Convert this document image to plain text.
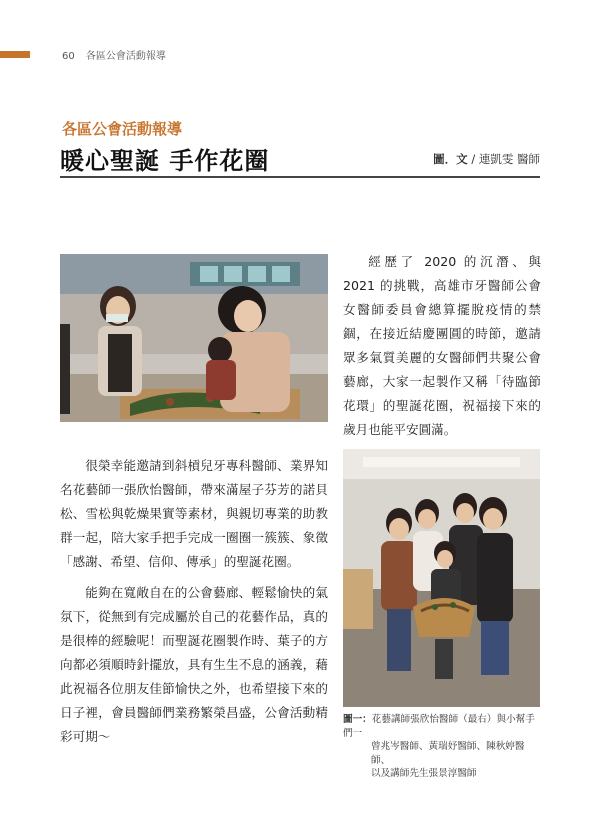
60 各區公會活動報導
各區公會活動報導
暖心聖誕 手作花圈	圖．文 / 連凱雯 醫師

經歷了 2020 的沉潛、與 2021 的挑戰，高雄市牙醫師公會女醫師委員會總算擺脫疫情的禁錮，在接近結慶團圓的時節，邀請眾多氣質美麗的女醫師們共聚公會藝廊，大家一起製作又稱「待臨節花環」的聖誕花圈，祝福接下來的歲月也能平安圓滿。

很榮幸能邀請到斜槓兒牙專科醫師、業界知名花藝師一張欣怡醫師，帶來滿屋子芬芳的諾貝松、雪松與乾燥果實等素材，與親切專業的助教群一起，陪大家手把手完成一圈圈一簇簇、象徵「感謝、希望、信仰、傳承」的聖誕花圈。

能夠在寬敞自在的公會藝廊、輕鬆愉快的氣氛下，從無到有完成屬於自己的花藝作品，真的是很棒的經驗呢！而聖誕花圈製作時、葉子的方向都必須順時針擺放，具有生生不息的涵義，藉此祝福各位朋友佳節愉快之外，也希望接下來的日子裡，會員醫師們業務繁榮昌盛，公會活動精彩可期～

圖一：花藝講師張欣怡醫師（最右）與小幫手們一
曾兆岑醫師、黃瑞妤醫師、陳秋婷醫師、
以及講師先生張景淳醫師
